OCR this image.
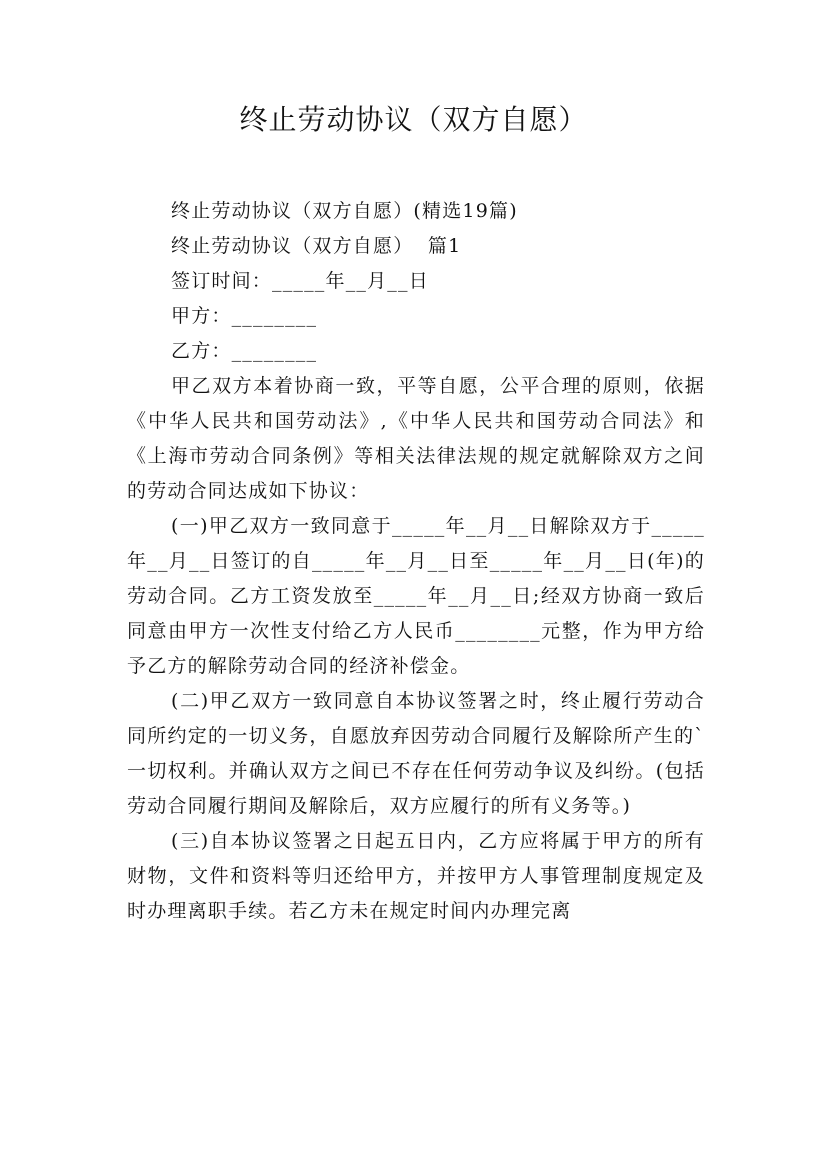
终止劳动协议（双方自愿）
终止劳动协议（双方自愿）(精选19篇)
终止劳动协议（双方自愿）  篇1
签订时间：_____年__月__日
甲方：________
乙方：________

甲乙双方本着协商一致，平等自愿，公平合理的原则，依据《中华人民共和国劳动法》,《中华人民共和国劳动合同法》和《上海市劳动合同条例》等相关法律法规的规定就解除双方之间的劳动合同达成如下协议：

(一)甲乙双方一致同意于_____年__月__日解除双方于_____年__月__日签订的自_____年__月__日至_____年__月__日(年)的劳动合同。乙方工资发放至_____年__月__日;经双方协商一致后同意由甲方一次性支付给乙方人民币________元整，作为甲方给予乙方的解除劳动合同的经济补偿金。

(二)甲乙双方一致同意自本协议签署之时，终止履行劳动合同所约定的一切义务，自愿放弃因劳动合同履行及解除所产生的`一切权利。并确认双方之间已不存在任何劳动争议及纠纷。(包括劳动合同履行期间及解除后，双方应履行的所有义务等。)

(三)自本协议签署之日起五日内，乙方应将属于甲方的所有财物，文件和资料等归还给甲方，并按甲方人事管理制度规定及时办理离职手续。若乙方未在规定时间内办理完离
